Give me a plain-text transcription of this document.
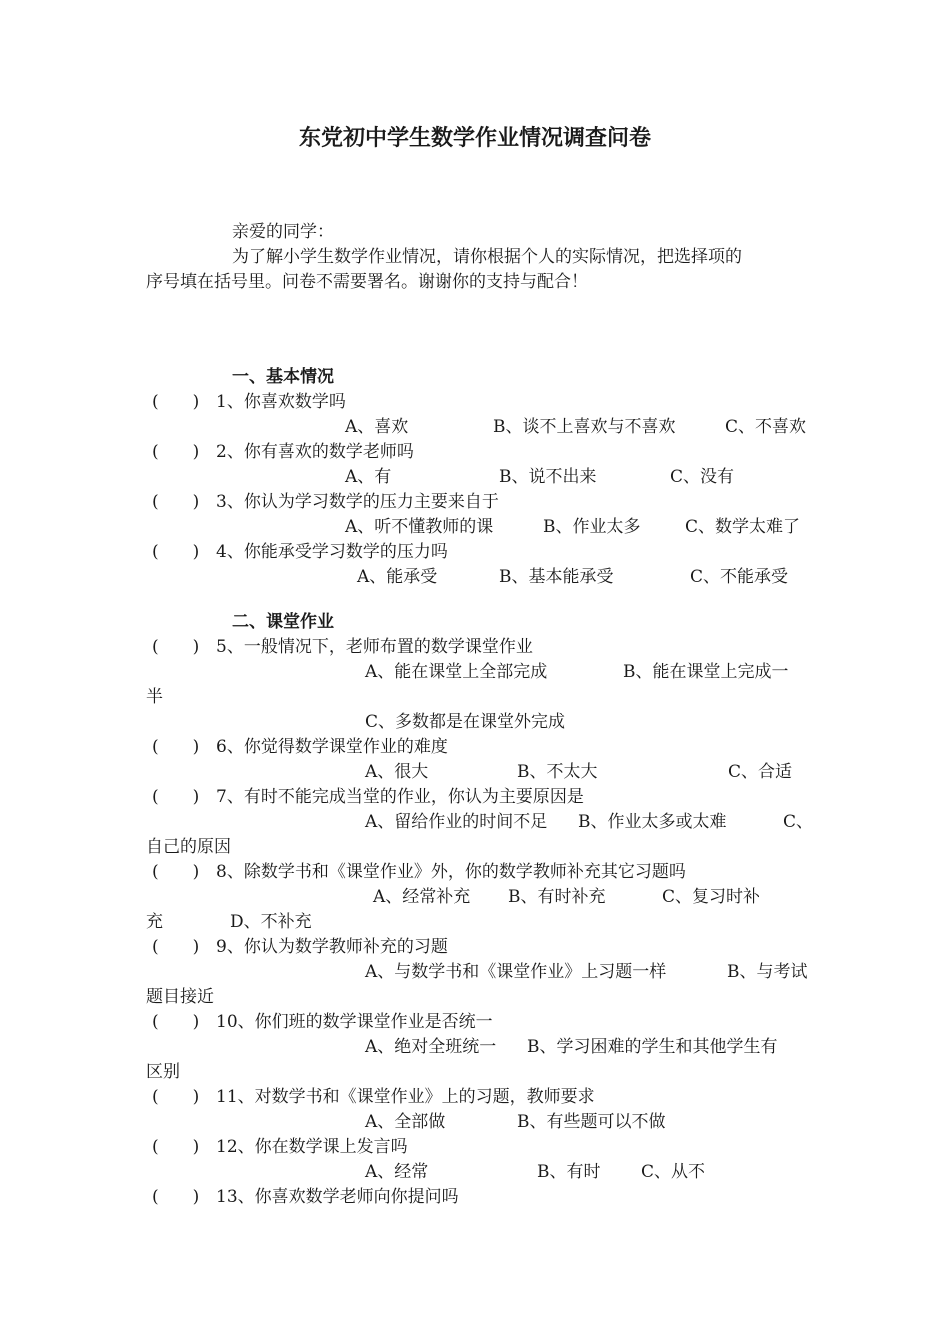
东党初中学生数学作业情况调查问卷
亲爱的同学：
为了解小学生数学作业情况，请你根据个人的实际情况，把选择项的
序号填在括号里。问卷不需要署名。谢谢你的支持与配合！
一、基本情况
(　　) 1、你喜欢数学吗
A、喜欢	B、谈不上喜欢与不喜欢	C、不喜欢
(　　) 2、你有喜欢的数学老师吗
A、有	B、说不出来	C、没有
(　　) 3、你认为学习数学的压力主要来自于
A、听不懂教师的课	B、作业太多	C、数学太难了
(　　) 4、你能承受学习数学的压力吗
A、能承受	B、基本能承受	C、不能承受
二、课堂作业
(　　) 5、一般情况下，老师布置的数学课堂作业
A、能在课堂上全部完成	B、能在课堂上完成一
半
C、多数都是在课堂外完成
(　　) 6、你觉得数学课堂作业的难度
A、很大	B、不太大	C、合适
(　　) 7、有时不能完成当堂的作业，你认为主要原因是
A、留给作业的时间不足 B、作业太多或太难	C、
自己的原因
(　　) 8、除数学书和《课堂作业》外，你的数学教师补充其它习题吗
A、经常补充 B、有时补充	C、复习时补
充	D、不补充
(　　) 9、你认为数学教师补充的习题
A、与数学书和《课堂作业》上习题一样	B、与考试
题目接近
(　　) 10、你们班的数学课堂作业是否统一
A、绝对全班统一 B、学习困难的学生和其他学生有
区别
(　　) 11、对数学书和《课堂作业》上的习题，教师要求
A、全部做	B、有些题可以不做
(　　) 12、你在数学课上发言吗
A、经常	B、有时 C、从不
(　　) 13、你喜欢数学老师向你提问吗
